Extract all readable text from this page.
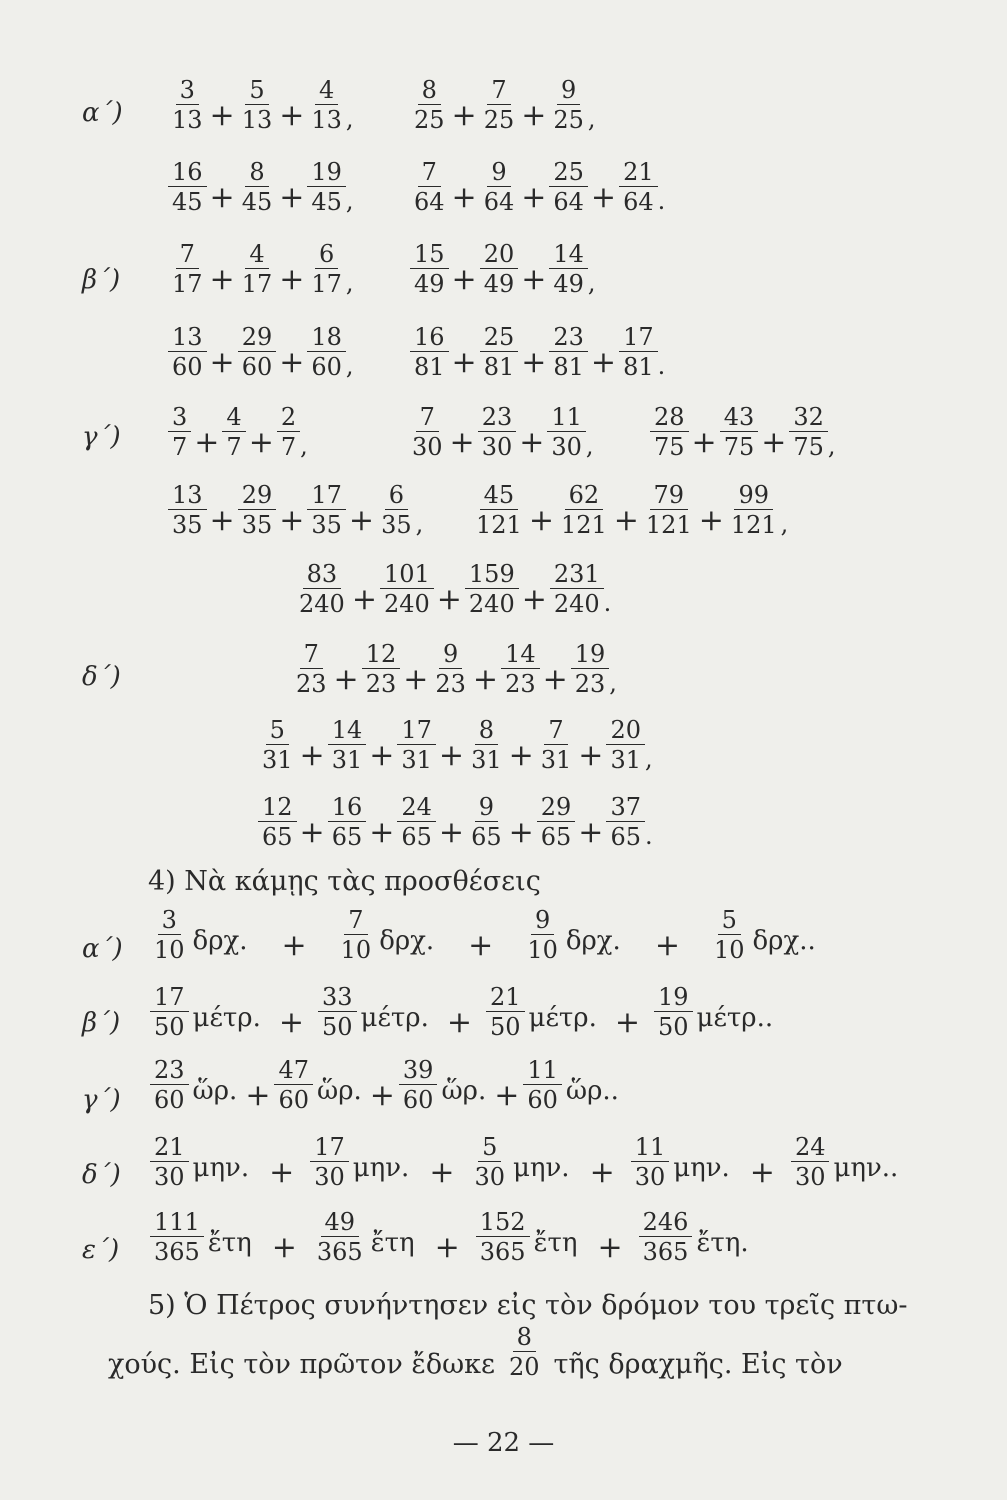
α΄)
β΄)
γ΄)
δ΄)
$\frac{3}{13} + \frac{5}{13} + \frac{4}{13}$ , $\frac{8}{25} + \frac{7}{25} + \frac{9}{25}$ ,
$\frac{16}{45} + \frac{8}{45} + \frac{19}{45}$ , $\frac{7}{64} + \frac{9}{64} + \frac{25}{64} + \frac{21}{64}$ .
$\frac{7}{17} + \frac{4}{17} + \frac{6}{17}$ , $\frac{15}{49} + \frac{20}{49} + \frac{14}{49}$ ,
$\frac{13}{60} + \frac{29}{60} + \frac{18}{60}$ , $\frac{16}{81} + \frac{25}{81} + \frac{23}{81} + \frac{17}{81}$ .
$\frac{3}{7} + \frac{4}{7} + \frac{2}{7}$ ,	$\frac{7}{30} + \frac{23}{30} + \frac{11}{30}$ , $\frac{28}{75} + \frac{43}{75} + \frac{32}{75}$ ,
$\frac{13}{35} + \frac{29}{35} + \frac{17}{35} + \frac{6}{35}$ , $\frac{45}{121} + \frac{62}{121} + \frac{79}{121} + \frac{99}{121}$ ,
$\frac{83}{240} + \frac{101}{240} + \frac{159}{240} + \frac{231}{240}$ .
$\frac{7}{23} + \frac{12}{23} + \frac{9}{23} + \frac{14}{23} + \frac{19}{23}$ ,
$\frac{5}{31} + \frac{14}{31} + \frac{17}{31} + \frac{8}{31} + \frac{7}{31} + \frac{20}{31}$ ,
$\frac{12}{65} + \frac{16}{65} + \frac{24}{65} + \frac{9}{65} + \frac{29}{65} + \frac{37}{65}$ .
4) Νὰ κάμῃς τὰς προσθέσεις
α΄)
β΄)
γ΄)
δ΄)
ε΄)
$\frac{3}{10} \delta\rho\chi$. + $\frac{7}{10} \delta\rho\chi$. + $\frac{9}{10} \delta\rho\chi$. + $\frac{5}{10} \delta\rho\chi$..
$\frac{17}{50} \mu έ\tau\rho$. + $\frac{33}{50} \mu έ\tau\rho$. + $\frac{21}{50} \mu έ\tau\rho$. + $\frac{19}{50} \mu έ\tau\rho$..
$\frac{23}{60}$ ὥρ. + $\frac{47}{60}$ ὥρ. + $\frac{39}{60}$ ὥρ. + $\frac{11}{60}$ ὥρ..
$\frac{21}{30} \mu\eta\nu$. + $\frac{17}{30} \mu\eta\nu$. + $\frac{5}{30} \mu\eta\nu$. + $\frac{11}{30} \mu\eta\nu$. + $\frac{24}{30} \mu\eta\nu$..
$\frac{111}{365}$ ἔτη + $\frac{49}{365}$ ἔτη + $\frac{152}{365}$ ἔτη + $\frac{246}{365}$ ἔτη.
5) Ὁ Πέτρος συνήντησεν εἰς τὸν δρόμον του τρεῖς πτω-
χούς. Εἰς τὸν πρῶτον ἔδωκε $\frac{8}{20}$ τῆς δραχμῆς. Εἰς τὸν
— 22 —
